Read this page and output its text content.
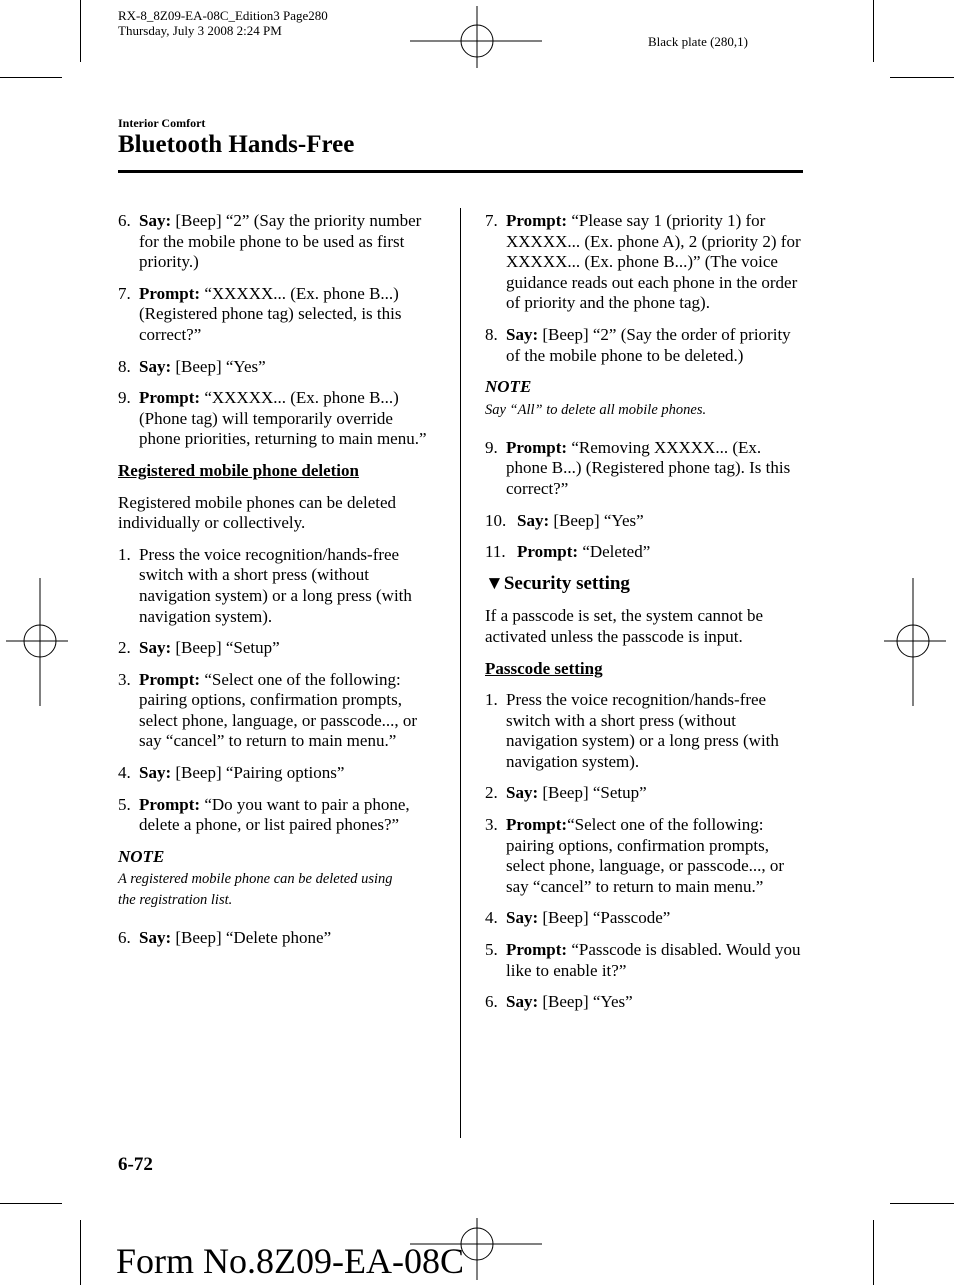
RX-8_8Z09-EA-08C_Edition3 Page280
Thursday, July 3 2008 2:24 PM
Black plate (280,1)
Interior Comfort
Bluetooth Hands-Free
6. Say: [Beep] “2” (Say the priority number for the mobile phone to be used as first priority.)
7. Prompt: “XXXXX... (Ex. phone B...) (Registered phone tag) selected, is this correct?”
8. Say: [Beep] “Yes”
9. Prompt: “XXXXX... (Ex. phone B...) (Phone tag) will temporarily override phone priorities, returning to main menu.”
Registered mobile phone deletion
Registered mobile phones can be deleted individually or collectively.
1. Press the voice recognition/hands-free switch with a short press (without navigation system) or a long press (with navigation system).
2. Say: [Beep] “Setup”
3. Prompt: “Select one of the following: pairing options, confirmation prompts, select phone, language, or passcode..., or say “cancel” to return to main menu.”
4. Say: [Beep] “Pairing options”
5. Prompt: “Do you want to pair a phone, delete a phone, or list paired phones?”
NOTE
A registered mobile phone can be deleted using the registration list.
6. Say: [Beep] “Delete phone”
7. Prompt: “Please say 1 (priority 1) for XXXXX... (Ex. phone A), 2 (priority 2) for XXXXX... (Ex. phone B...)” (The voice guidance reads out each phone in the order of priority and the phone tag).
8. Say: [Beep] “2” (Say the order of priority of the mobile phone to be deleted.)
NOTE
Say “All” to delete all mobile phones.
9. Prompt: “Removing XXXXX... (Ex. phone B...) (Registered phone tag). Is this correct?”
10. Say: [Beep] “Yes”
11. Prompt: “Deleted”
▼Security setting
If a passcode is set, the system cannot be activated unless the passcode is input.
Passcode setting
1. Press the voice recognition/hands-free switch with a short press (without navigation system) or a long press (with navigation system).
2. Say: [Beep] “Setup”
3. Prompt:“Select one of the following: pairing options, confirmation prompts, select phone, language, or passcode..., or say “cancel” to return to main menu.”
4. Say: [Beep] “Passcode”
5. Prompt: “Passcode is disabled. Would you like to enable it?”
6. Say: [Beep] “Yes”
6-72
Form No.8Z09-EA-08C
